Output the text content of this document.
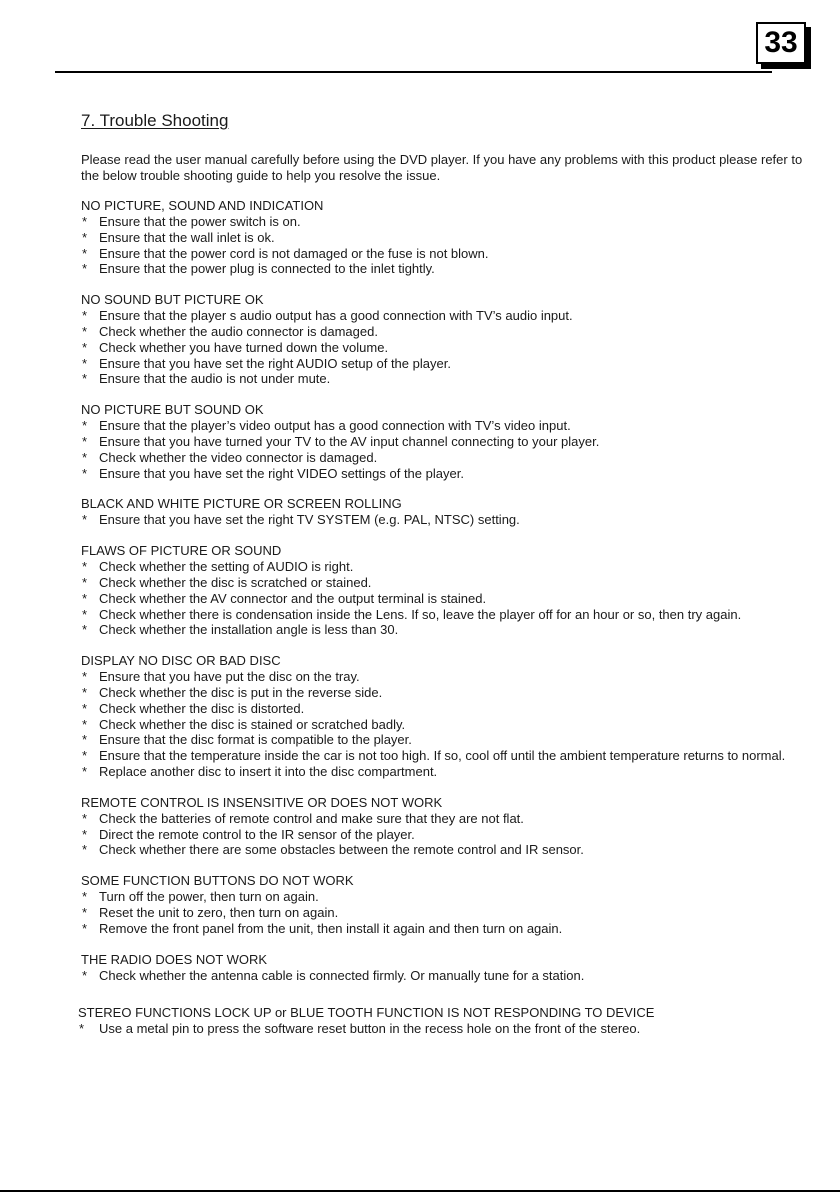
33
7. Trouble Shooting

Please read the user manual carefully before using the DVD player. If you have any problems with this product please refer to the below trouble shooting guide to help you resolve the issue.

NO PICTURE, SOUND AND INDICATION
* Ensure that the power switch is on.
* Ensure that the wall inlet is ok.
* Ensure that the power cord is not damaged or the fuse is not blown.
* Ensure that the power plug is connected to the inlet tightly.
NO SOUND BUT PICTURE OK
* Ensure that the player s audio output has a good connection with TV’s audio input.
* Check whether the audio connector is damaged.
* Check whether you have turned down the volume.
* Ensure that you have set the right AUDIO setup of the player.
* Ensure that the audio is not under mute.
NO PICTURE BUT SOUND OK
* Ensure that the player’s video output has a good connection with TV’s video input.
* Ensure that you have turned your TV to the AV input channel connecting to your player.
* Check whether the video connector is damaged.
* Ensure that you have set the right VIDEO settings of the player.
BLACK AND WHITE PICTURE OR SCREEN ROLLING
* Ensure that you have set the right TV SYSTEM (e.g. PAL, NTSC) setting.
FLAWS OF PICTURE OR SOUND
* Check whether the setting of AUDIO is right.
* Check whether the disc is scratched or stained.
* Check whether the AV connector and the output terminal is stained.
* Check whether there is condensation inside the Lens. If so, leave the player off for an hour or so, then try again.
* Check whether the installation angle is less than 30.
DISPLAY NO DISC OR BAD DISC
* Ensure that you have put the disc on the tray.
* Check whether the disc is put in the reverse side.
* Check whether the disc is distorted.
* Check whether the disc is stained or scratched badly.
* Ensure that the disc format is compatible to the player.
* Ensure that the temperature inside the car is not too high. If so, cool off until the ambient temperature returns to normal.
* Replace another disc to insert it into the disc compartment.
REMOTE CONTROL IS INSENSITIVE OR DOES NOT WORK
* Check the batteries of remote control and make sure that they are not flat.
* Direct the remote control to the IR sensor of the player.
* Check whether there are some obstacles between the remote control and IR sensor.
SOME FUNCTION BUTTONS DO NOT WORK
* Turn off the power, then turn on again.
* Reset the unit to zero, then turn on again.
* Remove the front panel from the unit, then install it again and then turn on again.
THE RADIO DOES NOT WORK
* Check whether the antenna cable is connected firmly. Or manually tune for a station.
STEREO FUNCTIONS LOCK UP or BLUE TOOTH FUNCTION IS NOT RESPONDING TO DEVICE
* Use a metal pin to press the software reset button in the recess hole on the front of the stereo.
